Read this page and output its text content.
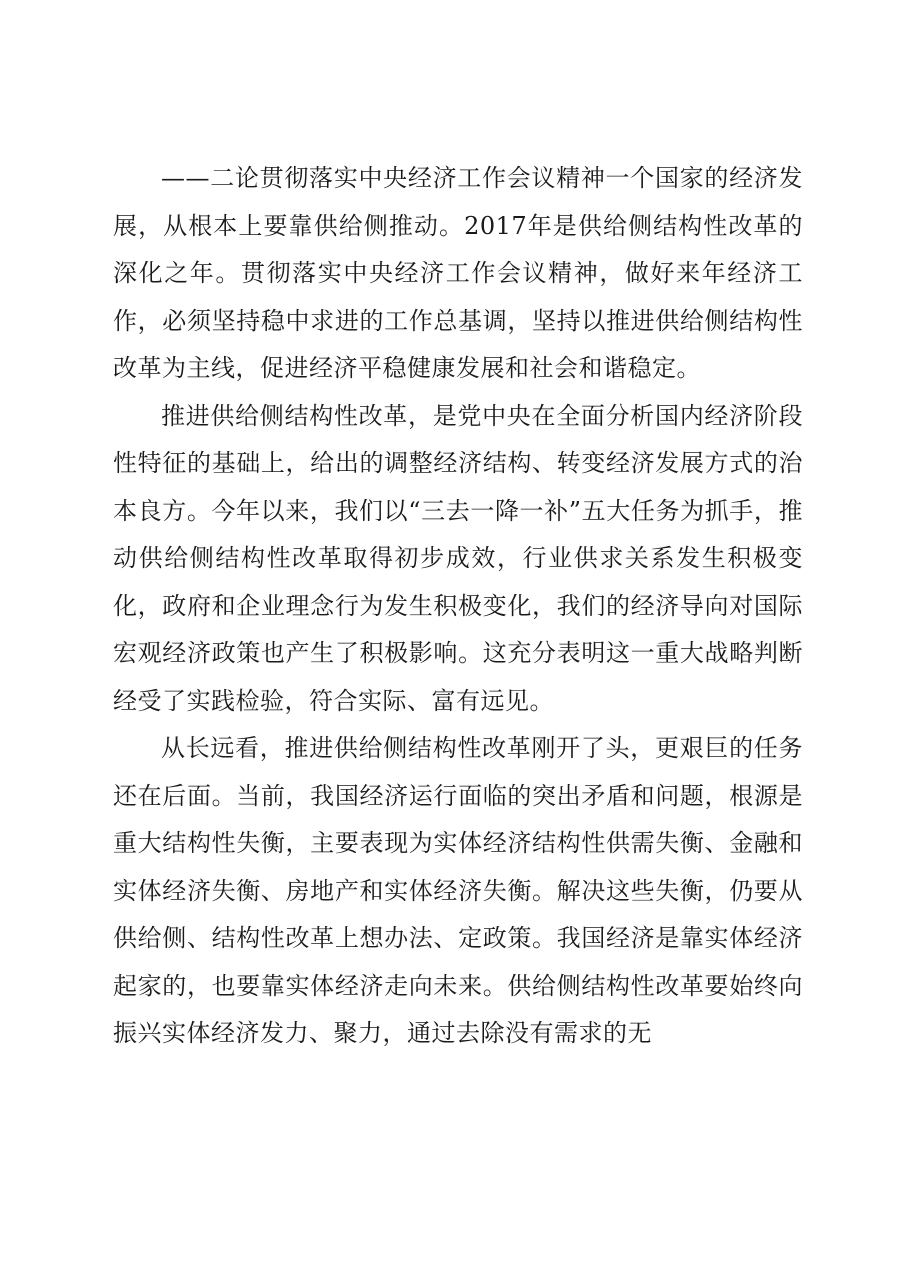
——二论贯彻落实中央经济工作会议精神一个国家的经济发展，从根本上要靠供给侧推动。2017年是供给侧结构性改革的深化之年。贯彻落实中央经济工作会议精神，做好来年经济工作，必须坚持稳中求进的工作总基调，坚持以推进供给侧结构性改革为主线，促进经济平稳健康发展和社会和谐稳定。

推进供给侧结构性改革，是党中央在全面分析国内经济阶段性特征的基础上，给出的调整经济结构、转变经济发展方式的治本良方。今年以来，我们以“三去一降一补”五大任务为抓手，推动供给侧结构性改革取得初步成效，行业供求关系发生积极变化，政府和企业理念行为发生积极变化，我们的经济导向对国际宏观经济政策也产生了积极影响。这充分表明这一重大战略判断经受了实践检验，符合实际、富有远见。

从长远看，推进供给侧结构性改革刚开了头，更艰巨的任务还在后面。当前，我国经济运行面临的突出矛盾和问题，根源是重大结构性失衡，主要表现为实体经济结构性供需失衡、金融和实体经济失衡、房地产和实体经济失衡。解决这些失衡，仍要从供给侧、结构性改革上想办法、定政策。我国经济是靠实体经济起家的，也要靠实体经济走向未来。供给侧结构性改革要始终向振兴实体经济发力、聚力，通过去除没有需求的无
